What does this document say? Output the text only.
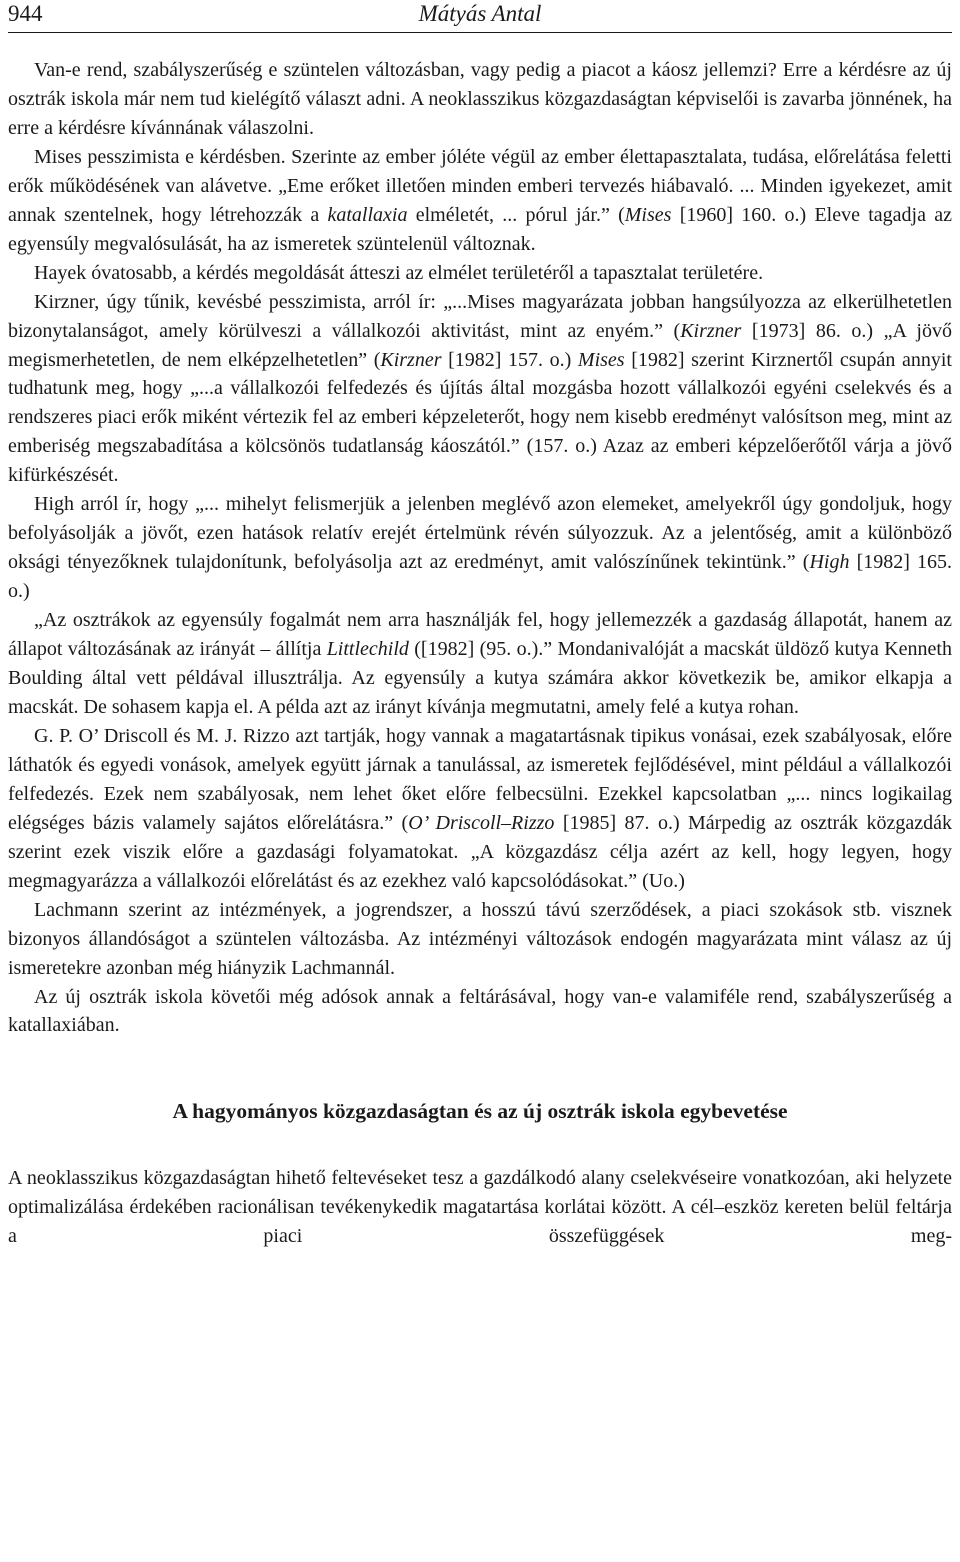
944	Mátyás Antal

Van-e rend, szabályszerűség e szüntelen változásban, vagy pedig a piacot a káosz jellemzi? Erre a kérdésre az új osztrák iskola már nem tud kielégítő választ adni. A neoklasszikus közgazdaságtan képviselői is zavarba jönnének, ha erre a kérdésre kívánnának válaszolni.

Mises pesszimista e kérdésben. Szerinte az ember jóléte végül az ember élettapasztalata, tudása, előrelátása feletti erők működésének van alávetve. „Eme erőket illetően minden emberi tervezés hiábavaló. ... Minden igyekezet, amit annak szentelnek, hogy létrehozzák a katallaxia elméletét, ... pórul jár.” (Mises [1960] 160. o.) Eleve tagadja az egyensúly megvalósulását, ha az ismeretek szüntelenül változnak.

Hayek óvatosabb, a kérdés megoldását átteszi az elmélet területéről a tapasztalat területére.

Kirzner, úgy tűnik, kevésbé pesszimista, arról ír: „...Mises magyarázata jobban hangsúlyozza az elkerülhetetlen bizonytalanságot, amely körülveszi a vállalkozói aktivitást, mint az enyém.” (Kirzner [1973] 86. o.) „A jövő megismerhetetlen, de nem elképzelhetetlen” (Kirzner [1982] 157. o.) Mises [1982] szerint Kirznertől csupán annyit tudhatunk meg, hogy „...a vállalkozói felfedezés és újítás által mozgásba hozott vállalkozói egyéni cselekvés és a rendszeres piaci erők miként vértezik fel az emberi képzeleterőt, hogy nem kisebb eredményt valósítson meg, mint az emberiség megszabadítása a kölcsönös tudatlanság káoszától.” (157. o.) Azaz az emberi képzelőerőtől várja a jövő kifürkészését.

High arról ír, hogy „... mihelyt felismerjük a jelenben meglévő azon elemeket, amelyekről úgy gondoljuk, hogy befolyásolják a jövőt, ezen hatások relatív erejét értelmünk révén súlyozzuk. Az a jelentőség, amit a különböző oksági tényezőknek tulajdonítunk, befolyásolja azt az eredményt, amit valószínűnek tekintünk.” (High [1982] 165. o.)

„Az osztrákok az egyensúly fogalmát nem arra használják fel, hogy jellemezzék a gazdaság állapotát, hanem az állapot változásának az irányát – állítja Littlechild ([1982] (95. o.).” Mondanivalóját a macskát üldöző kutya Kenneth Boulding által vett példával illusztrálja. Az egyensúly a kutya számára akkor következik be, amikor elkapja a macskát. De sohasem kapja el. A példa azt az irányt kívánja megmutatni, amely felé a kutya rohan.

G. P. O’ Driscoll és M. J. Rizzo azt tartják, hogy vannak a magatartásnak tipikus vonásai, ezek szabályosak, előre láthatók és egyedi vonások, amelyek együtt járnak a tanulással, az ismeretek fejlődésével, mint például a vállalkozói felfedezés. Ezek nem szabályosak, nem lehet őket előre felbecsülni. Ezekkel kapcsolatban „... nincs logikailag elégséges bázis valamely sajátos előrelátásra.” (O’ Driscoll–Rizzo [1985] 87. o.) Márpedig az osztrák közgazdák szerint ezek viszik előre a gazdasági folyamatokat. „A közgazdász célja azért az kell, hogy legyen, hogy megmagyarázza a vállalkozói előrelátást és az ezekhez való kapcsolódásokat.” (Uo.)

Lachmann szerint az intézmények, a jogrendszer, a hosszú távú szerződések, a piaci szokások stb. visznek bizonyos állandóságot a szüntelen változásba. Az intézményi változások endogén magyarázata mint válasz az új ismeretekre azonban még hiányzik Lachmannál.

Az új osztrák iskola követői még adósok annak a feltárásával, hogy van-e valamiféle rend, szabályszerűség a katallaxiában.

A hagyományos közgazdaságtan és az új osztrák iskola egybevetése

A neoklasszikus közgazdaságtan hihető feltevéseket tesz a gazdálkodó alany cselekvéseire vonatkozóan, aki helyzete optimalizálása érdekében racionálisan tevékenykedik magatartása korlátai között. A cél–eszköz kereten belül feltárja a piaci összefüggések meg-
